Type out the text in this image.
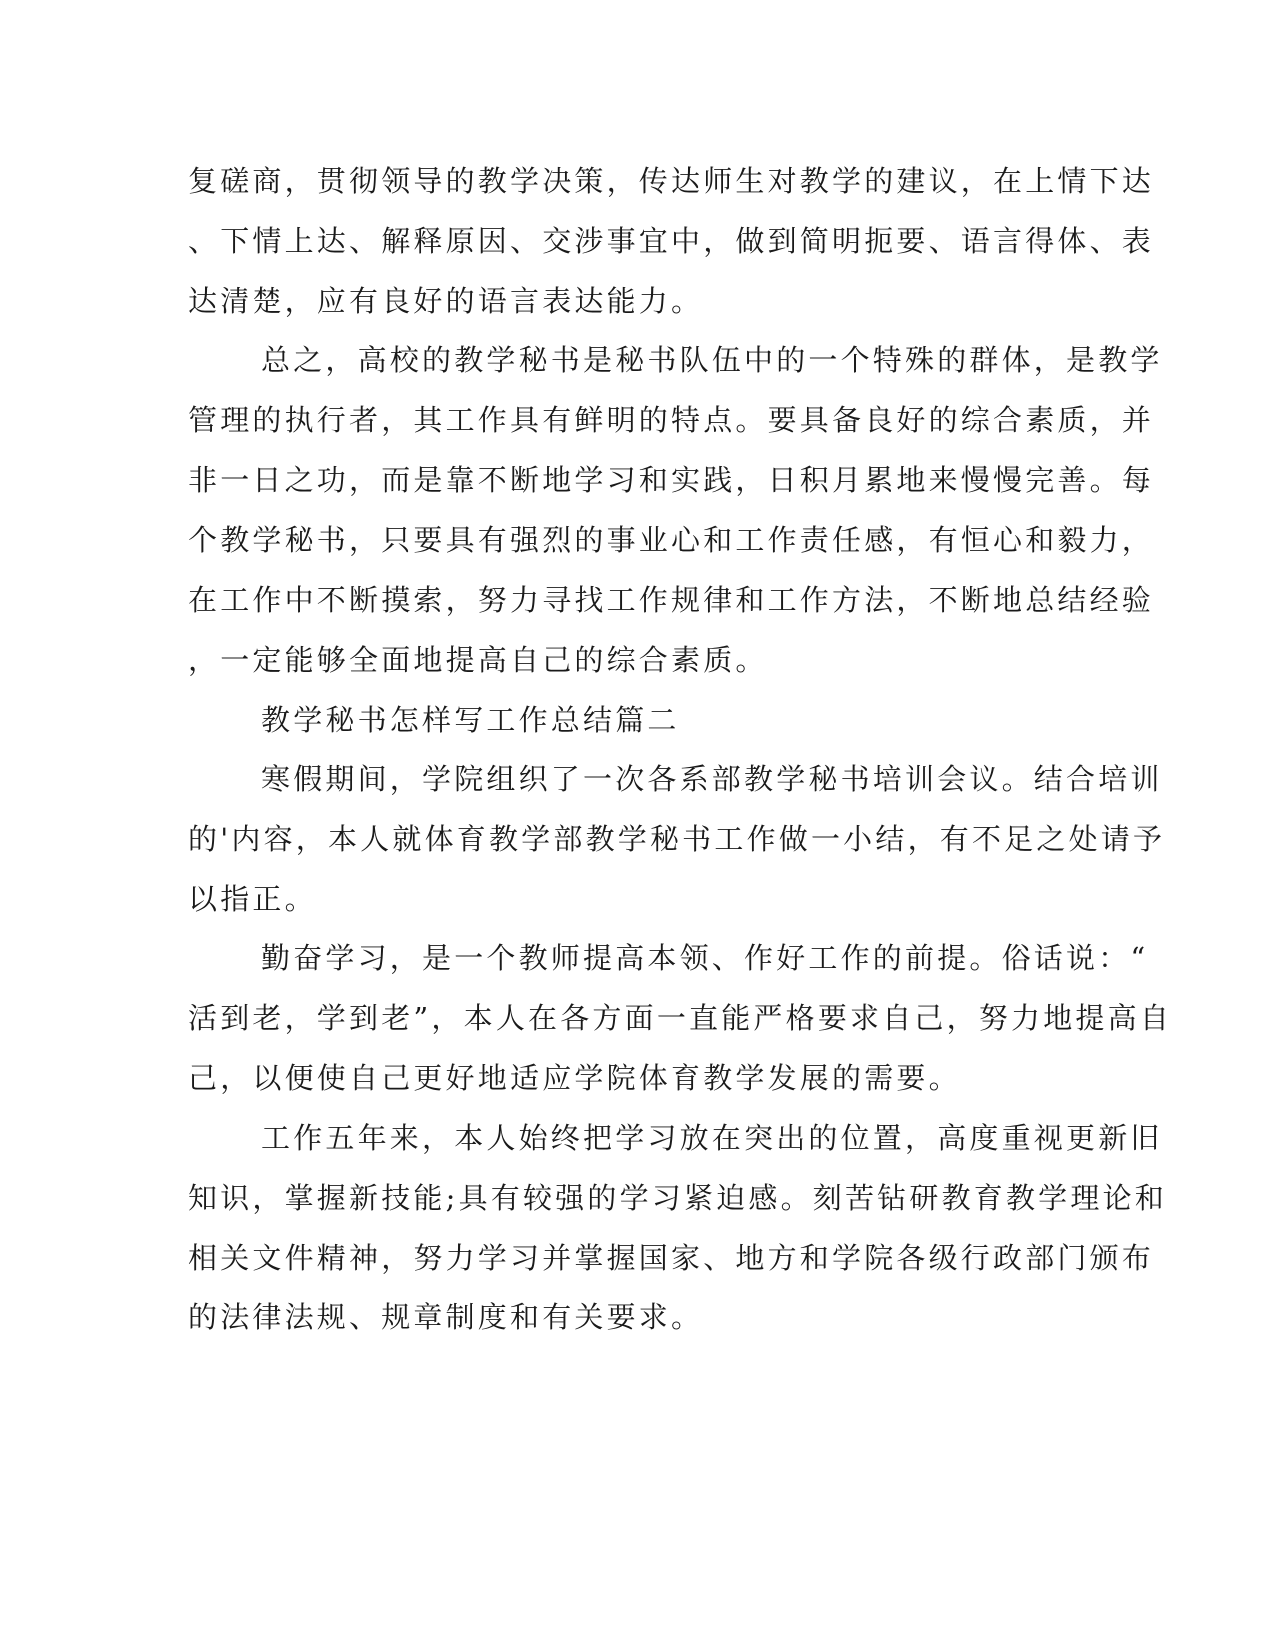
复磋商，贯彻领导的教学决策，传达师生对教学的建议，在上情下达
、下情上达、解释原因、交涉事宜中，做到简明扼要、语言得体、表
达清楚，应有良好的语言表达能力。
总之，高校的教学秘书是秘书队伍中的一个特殊的群体，是教学
管理的执行者，其工作具有鲜明的特点。要具备良好的综合素质，并
非一日之功，而是靠不断地学习和实践，日积月累地来慢慢完善。每
个教学秘书，只要具有强烈的事业心和工作责任感，有恒心和毅力，
在工作中不断摸索，努力寻找工作规律和工作方法，不断地总结经验
，一定能够全面地提高自己的综合素质。
教学秘书怎样写工作总结篇二
寒假期间，学院组织了一次各系部教学秘书培训会议。结合培训
的'内容，本人就体育教学部教学秘书工作做一小结，有不足之处请予
以指正。
勤奋学习，是一个教师提高本领、作好工作的前提。俗话说：“
活到老，学到老”，本人在各方面一直能严格要求自己，努力地提高自
己，以便使自己更好地适应学院体育教学发展的需要。
工作五年来，本人始终把学习放在突出的位置，高度重视更新旧
知识，掌握新技能;具有较强的学习紧迫感。刻苦钻研教育教学理论和
相关文件精神，努力学习并掌握国家、地方和学院各级行政部门颁布
的法律法规、规章制度和有关要求。
